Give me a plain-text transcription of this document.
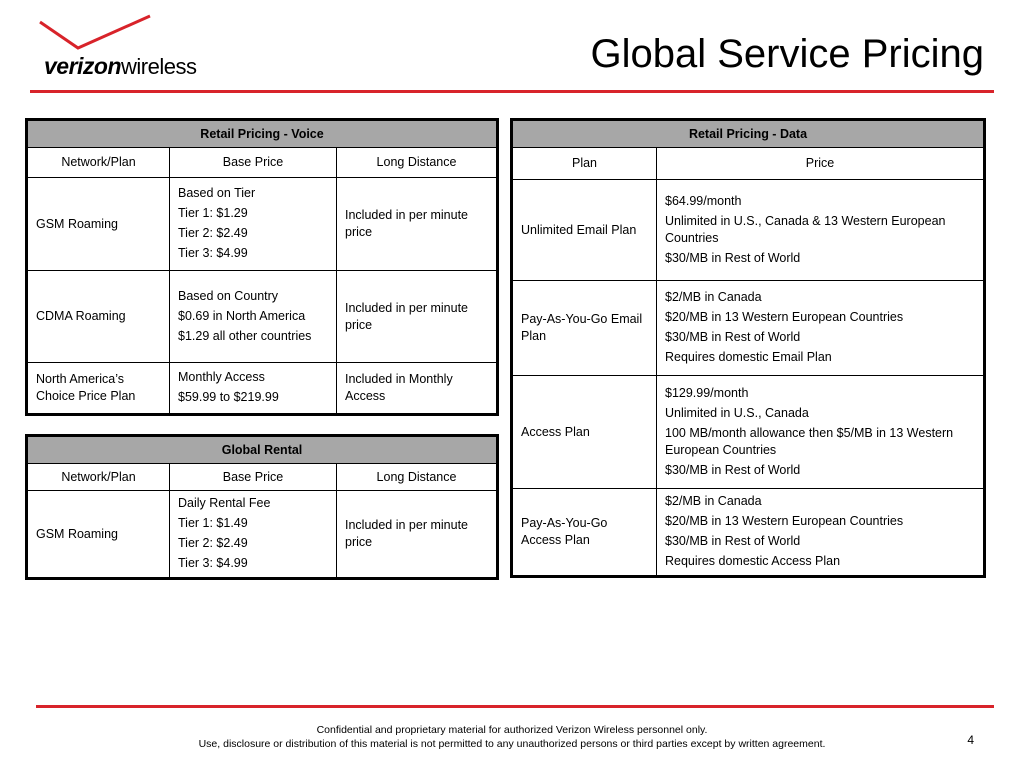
verizonwireless	Global Service Pricing
Retail Pricing - Voice		
Network/Plan	Base Price	Long Distance
GSM Roaming	Based on Tier

Tier 1: $1.29

Tier 2: $2.49

Tier 3: $4.99	Included in per minute price
CDMA Roaming	Based on Country

$0.69 in North America

$1.29 all other countries	Included in per minute price
North America’s Choice Price Plan	Monthly Access

$59.99 to $219.99	Included in Monthly Access
Global Rental		
Network/Plan	Base Price	Long Distance
GSM Roaming	Daily Rental Fee

Tier 1: $1.49

Tier 2: $2.49

Tier 3: $4.99	Included in per minute price
Retail Pricing - Data	
Plan	Price
Unlimited Email Plan	$64.99/month

Unlimited in U.S., Canada & 13 Western European Countries

$30/MB in Rest of World

Pay-As-You-Go Email Plan	$2/MB in Canada

$20/MB in 13 Western European Countries

$30/MB in Rest of World

Requires domestic Email Plan

Access Plan	$129.99/month

Unlimited in U.S., Canada

100 MB/month allowance then $5/MB in 13 Western European Countries

$30/MB in Rest of World

Pay-As-You-Go Access Plan	$2/MB in Canada

$20/MB in 13 Western European Countries

$30/MB in Rest of World

Requires domestic Access Plan

Confidential and proprietary material for authorized Verizon Wireless personnel only.
Use, disclosure or distribution of this material is not permitted to any unauthorized persons or third parties except by written agreement.	4
